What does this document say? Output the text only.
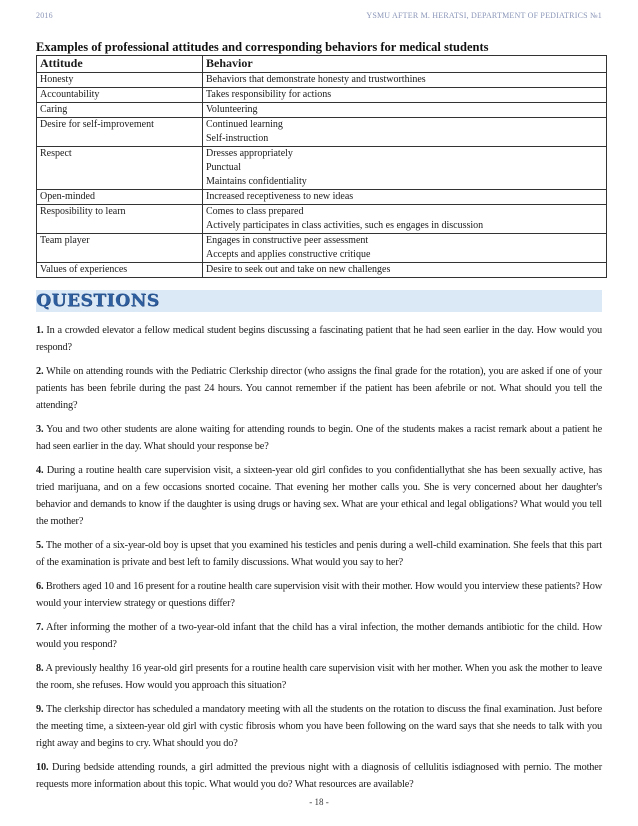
2016	YSMU AFTER M. HERATSI, DEPARTMENT OF PEDIATRICS №1
Examples of professional attitudes and corresponding behaviors for medical students
Attitude	Behavior
Honesty	Behaviors that demonstrate honesty and trustworthines

Accountability	Takes responsibility for actions

Caring	Volunteering

Desire for self-improvement	Continued learning
Self-instruction

Respect	Dresses appropriately
Punctual
Maintains confidentiality

Open-minded	Increased receptiveness to new ideas

Resposibility to learn	Comes to class prepared
Actively participates in class activities, such es engages in discussion

Team player	Engages in constructive peer assessment
Accepts and applies constructive critique

Values of experiences	Desire to seek out and take on new challenges
QUESTIONS

1. In a crowded elevator a fellow medical student begins discussing a fascinating patient that he had seen earlier in the day. How would you respond?

2. While on attending rounds with the Pediatric Clerkship director (who assigns the final grade for the rotation), you are asked if one of your patients has been febrile during the past 24 hours. You cannot remember if the patient has been afebrile or not. What should you tell the attending?

3. You and two other students are alone waiting for attending rounds to begin. One of the students makes a racist remark about a patient he had seen earlier in the day. What should your response be?

4. During a routine health care supervision visit, a sixteen-year old girl confides to you confidentiallythat she has been sexually active, has tried marijuana, and on a few occasions snorted cocaine. That evening her mother calls you. She is very concerned about her daughter's behavior and demands to know if the daughter is using drugs or having sex. What are your ethical and legal obligations? What would you tell the mother?

5. The mother of a six-year-old boy is upset that you examined his testicles and penis during a well-child examination. She feels that this part of the examination is private and best left to family discussions. What would you say to her?

6. Brothers aged 10 and 16 present for a routine health care supervision visit with their mother. How would you interview these patients? How would your interview strategy or questions differ?

7. After informing the mother of a two-year-old infant that the child has a viral infection, the mother demands antibiotic for the child. How would you respond?

8. A previously healthy 16 year-old girl presents for a routine health care supervision visit with her mother. When you ask the mother to leave the room, she refuses. How would you approach this situation?

9. The clerkship director has scheduled a mandatory meeting with all the students on the rotation to discuss the final examination. Just before the meeting time, a sixteen-year old girl with cystic fibrosis whom you have been following on the ward says that she needs to talk with you right away and begins to cry. What should you do?

10. During bedside attending rounds, a girl admitted the previous night with a diagnosis of cellulitis isdiagnosed with pernio. The mother requests more information about this topic. What would you do? What resources are available?

- 18 -
